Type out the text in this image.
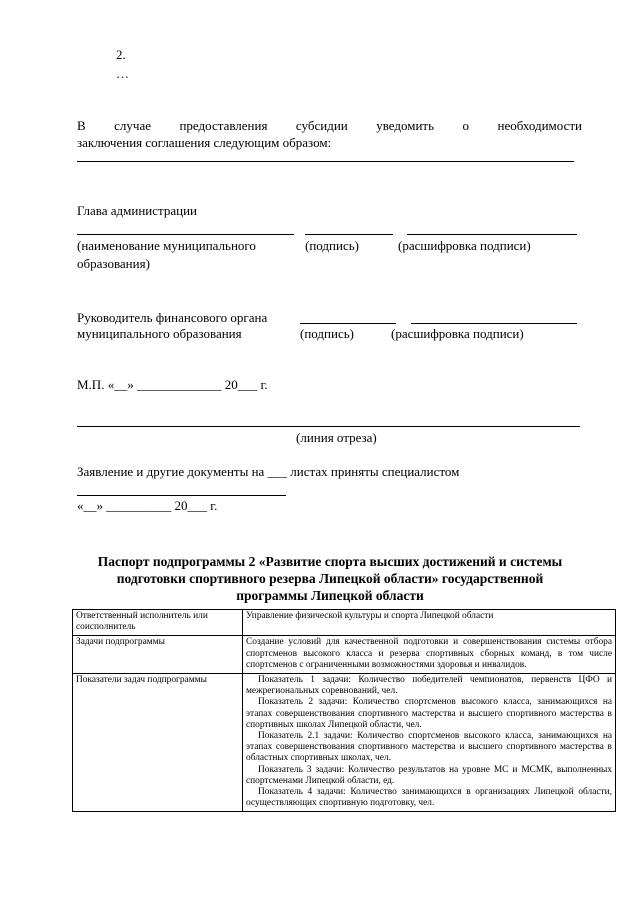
2.
…
В случае предоставления субсидии уведомить о необходимости
заключения соглашения следующим образом:
Глава администрации
(наименование муниципального	(подпись)	(расшифровка подписи)
образования)
Руководитель финансового органа
муниципального образования	(подпись)	(расшифровка подписи)
М.П. «__» _____________ 20___ г.
(линия отреза)
Заявление и другие документы на ___ листах приняты специалистом
«__» __________ 20___ г.
Паспорт подпрограммы 2 «Развитие спорта высших достижений и системы
подготовки спортивного резерва Липецкой области» государственной
программы Липецкой области
Ответственный исполнитель или соисполнитель	Управление физической культуры и спорта Липецкой области
Задачи подпрограммы	Создание условий для качественной подготовки и совершенствования системы отбора спортсменов высокого класса и резерва спортивных сборных команд, в том числе спортсменов с ограниченными возможностями здоровья и инвалидов.

Показатели задач подпрограммы	Показатель 1 задачи: Количество победителей чемпионатов, первенств ЦФО и межрегиональных соревнований, чел.

Показатель 2 задачи: Количество спортсменов высокого класса, занимающихся на этапах совершенствования спортивного мастерства и высшего спортивного мастерства в спортивных школах Липецкой области, чел.

Показатель 2.1 задачи: Количество спортсменов высокого класса, занимающихся на этапах совершенствования спортивного мастерства и высшего спортивного мастерства в областных спортивных школах, чел.

Показатель 3 задачи: Количество результатов на уровне МС и МСМК, выполненных спортсменами Липецкой области, ед.

Показатель 4 задачи: Количество занимающихся в организациях Липецкой области, осуществляющих спортивную подготовку, чел.
